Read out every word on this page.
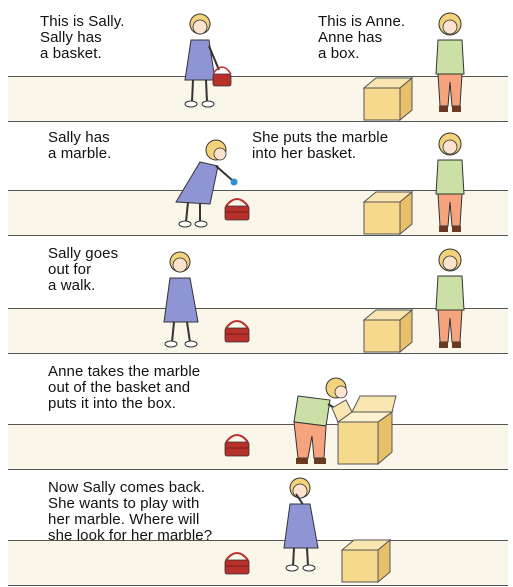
This is Sally.
Sally has
a basket.
This is Anne.
Anne has
a box.
Sally has
a marble.
She puts the marble
into her basket.
Sally goes
out for
a walk.
Anne takes the marble
out of the basket and
puts it into the box.
Now Sally comes back.
She wants to play with
her marble. Where will
she look for her marble?
